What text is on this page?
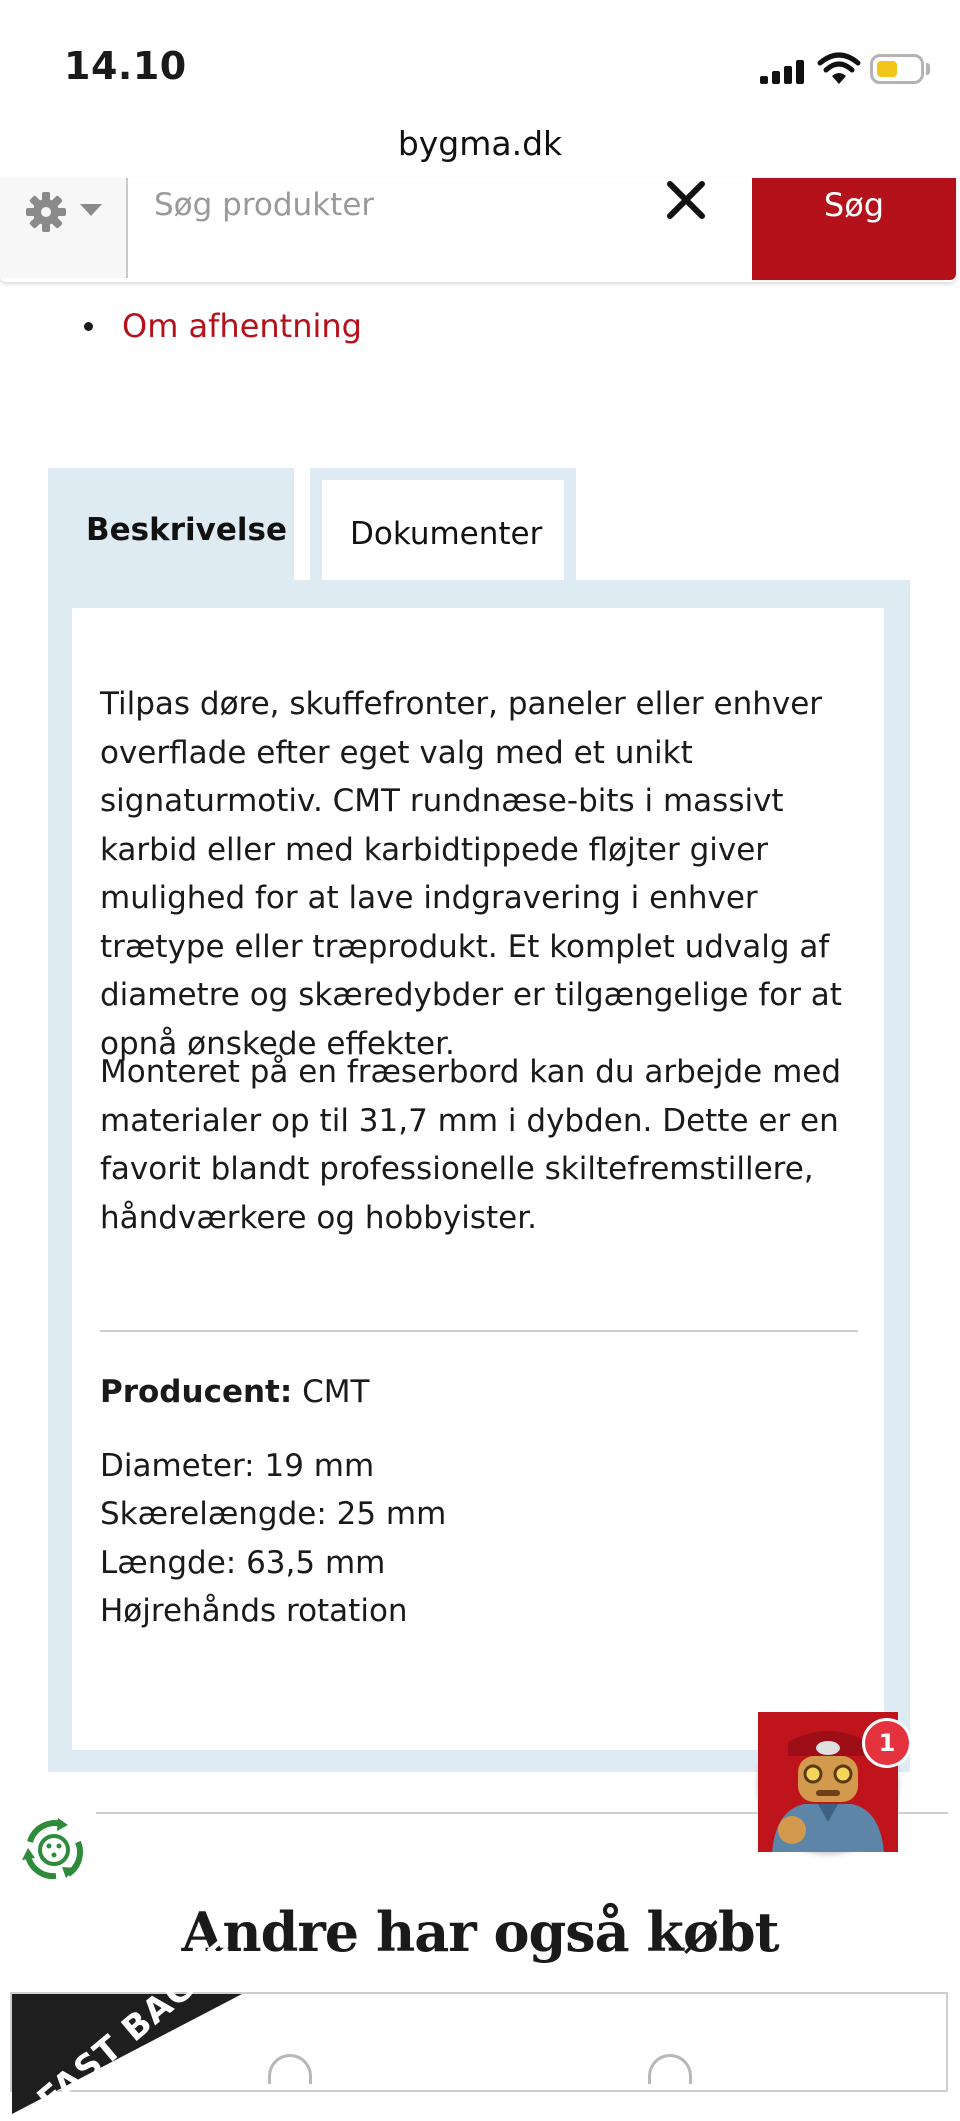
14.10
bygma.dk
Om afhentning
Søg produkter
Søg
Beskrivelse Dokumenter

Tilpas døre, skuffefronter, paneler eller enhver overflade efter eget valg med et unikt signaturmotiv. CMT rundnæse-bits i massivt karbid eller med karbidtippede fløjter giver mulighed for at lave indgravering i enhver trætype eller træprodukt. Et komplet udvalg af diametre og skæredybder er tilgængelige for at opnå ønskede effekter.

Monteret på en fræserbord kan du arbejde med materialer op til 31,7 mm i dybden. Dette er en favorit blandt professionelle skiltefremstillere, håndværkere og hobbyister.

Producent: CMT
Diameter: 19 mm
Skærelængde: 25 mm
Længde: 63,5 mm
Højrehånds rotation
1
Andre har også købt
FAST BAGNE
